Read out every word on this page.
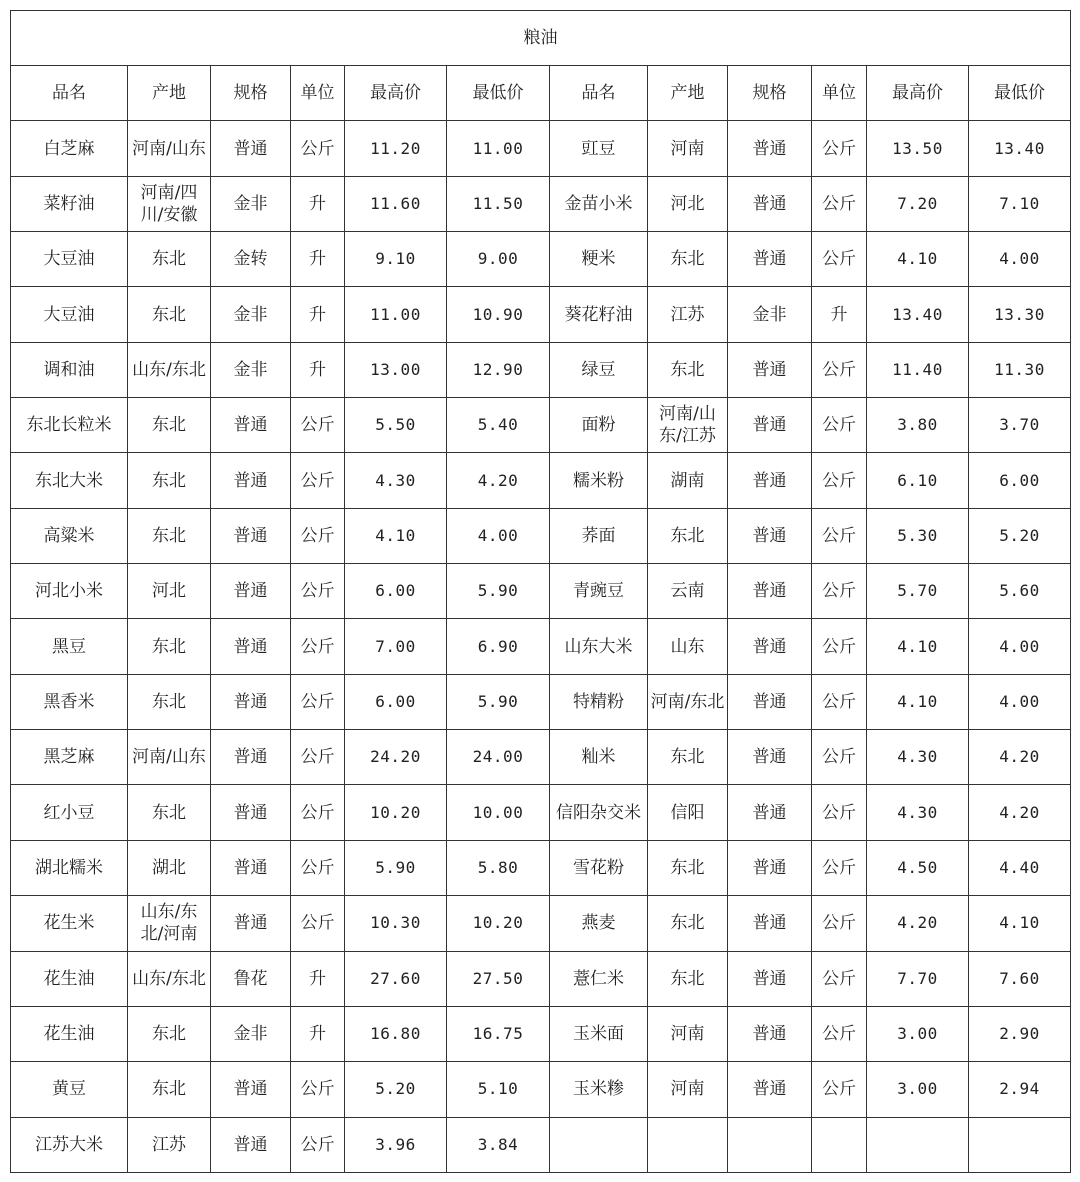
粮油											
品名	产地	规格	单位	最高价	最低价	品名	产地	规格	单位	最高价	最低价
白芝麻	河南/山东	普通	公斤	11.20	11.00	豇豆	河南	普通	公斤	13.50	13.40
菜籽油	河南/四川/安徽	金非	升	11.60	11.50	金苗小米	河北	普通	公斤	7.20	7.10
大豆油	东北	金转	升	9.10	9.00	粳米	东北	普通	公斤	4.10	4.00
大豆油	东北	金非	升	11.00	10.90	葵花籽油	江苏	金非	升	13.40	13.30
调和油	山东/东北	金非	升	13.00	12.90	绿豆	东北	普通	公斤	11.40	11.30
东北长粒米	东北	普通	公斤	5.50	5.40	面粉	河南/山东/江苏	普通	公斤	3.80	3.70
东北大米	东北	普通	公斤	4.30	4.20	糯米粉	湖南	普通	公斤	6.10	6.00
高粱米	东北	普通	公斤	4.10	4.00	荞面	东北	普通	公斤	5.30	5.20
河北小米	河北	普通	公斤	6.00	5.90	青豌豆	云南	普通	公斤	5.70	5.60
黑豆	东北	普通	公斤	7.00	6.90	山东大米	山东	普通	公斤	4.10	4.00
黑香米	东北	普通	公斤	6.00	5.90	特精粉	河南/东北	普通	公斤	4.10	4.00
黑芝麻	河南/山东	普通	公斤	24.20	24.00	籼米	东北	普通	公斤	4.30	4.20
红小豆	东北	普通	公斤	10.20	10.00	信阳杂交米	信阳	普通	公斤	4.30	4.20
湖北糯米	湖北	普通	公斤	5.90	5.80	雪花粉	东北	普通	公斤	4.50	4.40
花生米	山东/东北/河南	普通	公斤	10.30	10.20	燕麦	东北	普通	公斤	4.20	4.10
花生油	山东/东北	鲁花	升	27.60	27.50	薏仁米	东北	普通	公斤	7.70	7.60
花生油	东北	金非	升	16.80	16.75	玉米面	河南	普通	公斤	3.00	2.90
黄豆	东北	普通	公斤	5.20	5.10	玉米糁	河南	普通	公斤	3.00	2.94
江苏大米	江苏	普通	公斤	3.96	3.84						
